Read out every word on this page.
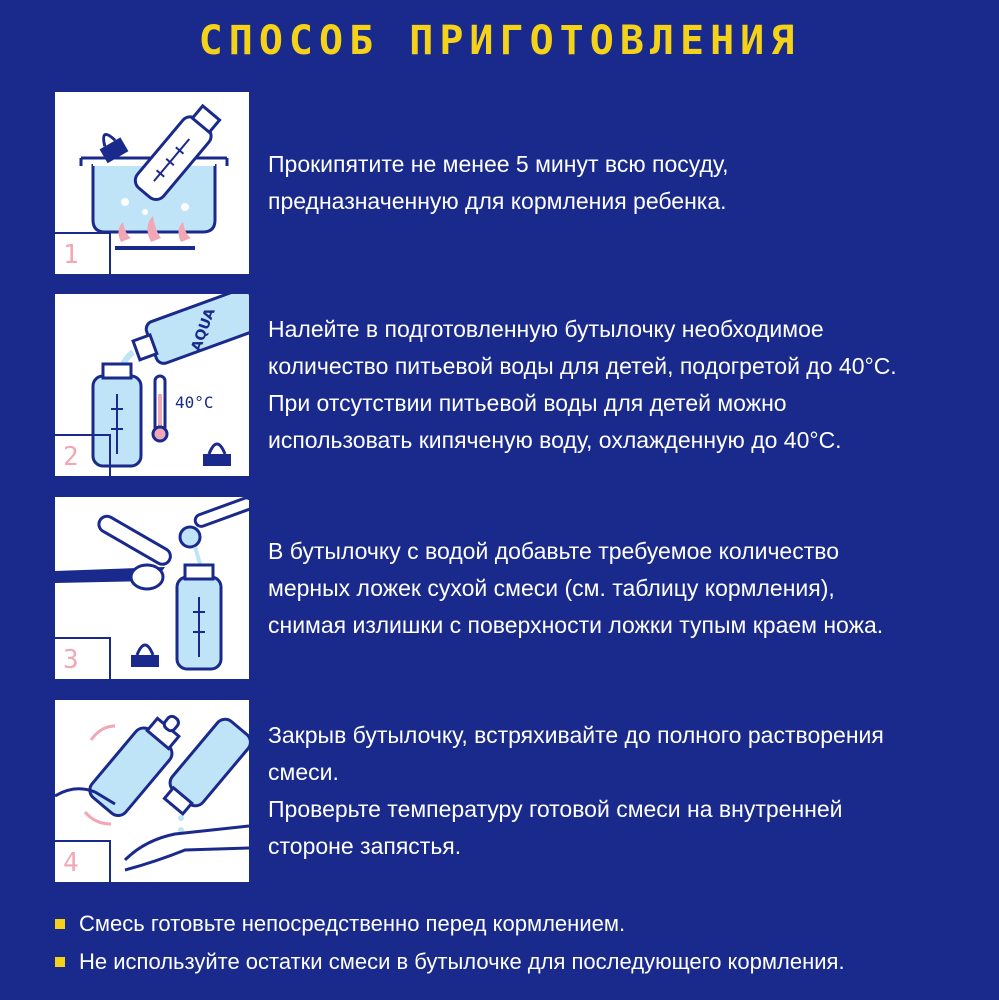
СПОСОБ ПРИГОТОВЛЕНИЯ
1
Прокипятите не менее 5 минут всю посуду,
предназначенную для кормления ребенка.
AQUA
40°C
2
Налейте в подготовленную бутылочку необходимое
количество питьевой воды для детей, подогретой до 40°C.
При отсутствии питьевой воды для детей можно
использовать кипяченую воду, охлажденную до 40°C.
3
В бутылочку с водой добавьте требуемое количество
мерных ложек сухой смеси (см. таблицу кормления),
снимая излишки с поверхности ложки тупым краем ножа.
4
Закрыв бутылочку, встряхивайте до полного растворения
смеси.
Проверьте температуру готовой смеси на внутренней
стороне запястья.
Смесь готовьте непосредственно перед кормлением.
Не используйте остатки смеси в бутылочке для последующего кормления.
